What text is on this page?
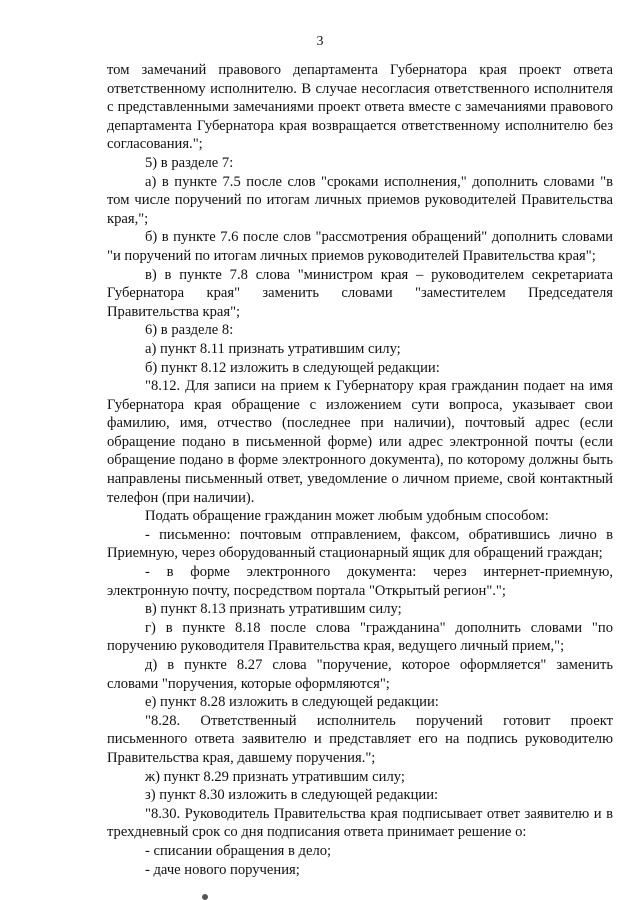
3

том замечаний правового департамента Губернатора края проект ответа ответственному исполнителю. В случае несогласия ответственного исполнителя с представленными замечаниями проект ответа вместе с замечаниями правового департамента Губернатора края возвращается ответственному исполнителю без согласования.";

5) в разделе 7:

а) в пункте 7.5 после слов "сроками исполнения," дополнить словами "в том числе поручений по итогам личных приемов руководителей Правительства края,";

б) в пункте 7.6 после слов "рассмотрения обращений" дополнить словами "и поручений по итогам личных приемов руководителей Правительства края";

в) в пункте 7.8 слова "министром края – руководителем секретариата Губернатора края" заменить словами "заместителем Председателя Правительства края";

6) в разделе 8:

а) пункт 8.11 признать утратившим силу;

б) пункт 8.12 изложить в следующей редакции:

"8.12. Для записи на прием к Губернатору края гражданин подает на имя Губернатора края обращение с изложением сути вопроса, указывает свои фамилию, имя, отчество (последнее при наличии), почтовый адрес (если обращение подано в письменной форме) или адрес электронной почты (если обращение подано в форме электронного документа), по которому должны быть направлены письменный ответ, уведомление о личном приеме, свой контактный телефон (при наличии).

Подать обращение гражданин может любым удобным способом:

- письменно: почтовым отправлением, факсом, обратившись лично в Приемную, через оборудованный стационарный ящик для обращений граждан;

- в форме электронного документа: через интернет-приемную, электронную почту, посредством портала "Открытый регион".";

в) пункт 8.13 признать утратившим силу;

г) в пункте 8.18 после слова "гражданина" дополнить словами "по поручению руководителя Правительства края, ведущего личный прием,";

д) в пункте 8.27 слова "поручение, которое оформляется" заменить словами "поручения, которые оформляются";

е) пункт 8.28 изложить в следующей редакции:

"8.28. Ответственный исполнитель поручений готовит проект письменного ответа заявителю и представляет его на подпись руководителю Правительства края, давшему поручения.";

ж) пункт 8.29 признать утратившим силу;

з) пункт 8.30 изложить в следующей редакции:

"8.30. Руководитель Правительства края подписывает ответ заявителю и в трехдневный срок со дня подписания ответа принимает решение о:

- списании обращения в дело;

- даче нового поручения;
